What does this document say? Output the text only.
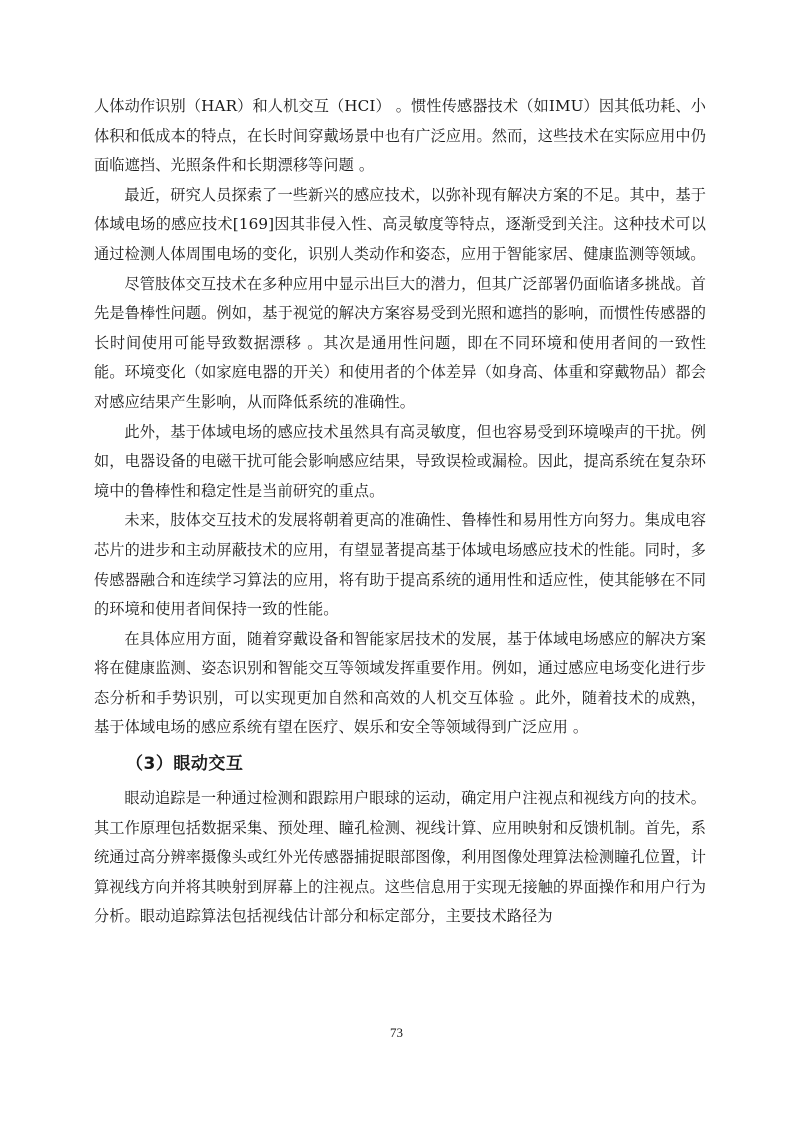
人体动作识别（HAR）和人机交互（HCI） 。惯性传感器技术（如IMU）因其低功耗、小体积和低成本的特点，在长时间穿戴场景中也有广泛应用。然而，这些技术在实际应用中仍面临遮挡、光照条件和长期漂移等问题 。

最近，研究人员探索了一些新兴的感应技术，以弥补现有解决方案的不足。其中，基于体域电场的感应技术[169]因其非侵入性、高灵敏度等特点，逐渐受到关注。这种技术可以通过检测人体周围电场的变化，识别人类动作和姿态，应用于智能家居、健康监测等领域。

尽管肢体交互技术在多种应用中显示出巨大的潜力，但其广泛部署仍面临诸多挑战。首先是鲁棒性问题。例如，基于视觉的解决方案容易受到光照和遮挡的影响，而惯性传感器的长时间使用可能导致数据漂移 。其次是通用性问题，即在不同环境和使用者间的一致性能。环境变化（如家庭电器的开关）和使用者的个体差异（如身高、体重和穿戴物品）都会对感应结果产生影响，从而降低系统的准确性。

此外，基于体域电场的感应技术虽然具有高灵敏度，但也容易受到环境噪声的干扰。例如，电器设备的电磁干扰可能会影响感应结果，导致误检或漏检。因此，提高系统在复杂环境中的鲁棒性和稳定性是当前研究的重点。

未来，肢体交互技术的发展将朝着更高的准确性、鲁棒性和易用性方向努力。集成电容芯片的进步和主动屏蔽技术的应用，有望显著提高基于体域电场感应技术的性能。同时，多传感器融合和连续学习算法的应用，将有助于提高系统的通用性和适应性，使其能够在不同的环境和使用者间保持一致的性能。

在具体应用方面，随着穿戴设备和智能家居技术的发展，基于体域电场感应的解决方案将在健康监测、姿态识别和智能交互等领域发挥重要作用。例如，通过感应电场变化进行步态分析和手势识别，可以实现更加自然和高效的人机交互体验 。此外，随着技术的成熟，基于体域电场的感应系统有望在医疗、娱乐和安全等领域得到广泛应用 。

（3）眼动交互

眼动追踪是一种通过检测和跟踪用户眼球的运动，确定用户注视点和视线方向的技术。其工作原理包括数据采集、预处理、瞳孔检测、视线计算、应用映射和反馈机制。首先，系统通过高分辨率摄像头或红外光传感器捕捉眼部图像，利用图像处理算法检测瞳孔位置，计算视线方向并将其映射到屏幕上的注视点。这些信息用于实现无接触的界面操作和用户行为分析。眼动追踪算法包括视线估计部分和标定部分，主要技术路径为

73
